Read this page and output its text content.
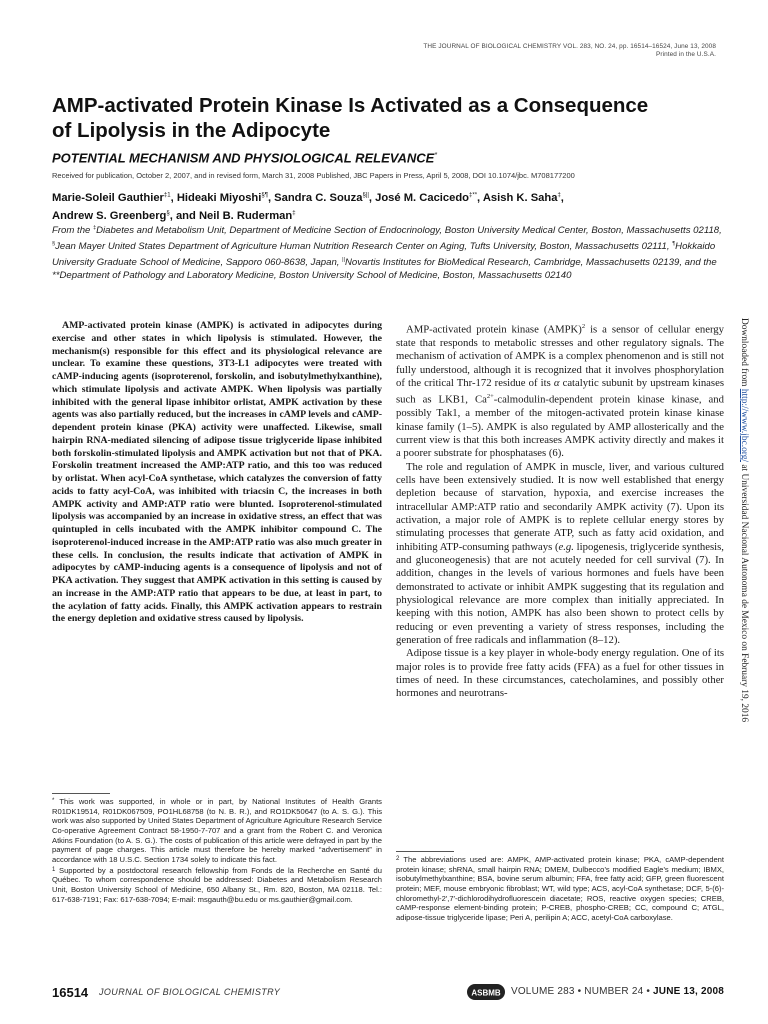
THE JOURNAL OF BIOLOGICAL CHEMISTRY VOL. 283, NO. 24, pp. 16514–16524, June 13, 2008
Printed in the U.S.A.
AMP-activated Protein Kinase Is Activated as a Consequence
of Lipolysis in the Adipocyte
POTENTIAL MECHANISM AND PHYSIOLOGICAL RELEVANCE*
Received for publication, October 2, 2007, and in revised form, March 31, 2008 Published, JBC Papers in Press, April 5, 2008, DOI 10.1074/jbc. M708177200
Marie-Soleil Gauthier$^{\ddagger 1}$, Hideaki Miyoshi§¶, Sandra C. Souza§||, José M. Cacicedo‡**, Asish K. Saha‡,
Andrew S. Greenberg§, and Neil B. Ruderman‡
From the ‡Diabetes and Metabolism Unit, Department of Medicine Section of Endocrinology, Boston University Medical Center, Boston, Massachusetts 02118, §Jean Mayer United States Department of Agriculture Human Nutrition Research Center on Aging, Tufts University, Boston, Massachusetts 02111, ¶Hokkaido University Graduate School of Medicine, Sapporo 060-8638, Japan, ||Novartis Institutes for BioMedical Research, Cambridge, Massachusetts 02139, and the **Department of Pathology and Laboratory Medicine, Boston University School of Medicine, Boston, Massachusetts 02140
AMP-activated protein kinase (AMPK) is activated in adipocytes during exercise and other states in which lipolysis is stimulated. However, the mechanism(s) responsible for this effect and its physiological relevance are unclear. To examine these questions, 3T3-L1 adipocytes were treated with cAMP-inducing agents (isoproterenol, forskolin, and isobutylmethylxanthine), which stimulate lipolysis and activate AMPK. When lipolysis was partially inhibited with the general lipase inhibitor orlistat, AMPK activation by these agents was also partially reduced, but the increases in cAMP levels and cAMP-dependent protein kinase (PKA) activity were unaffected. Likewise, small hairpin RNA-mediated silencing of adipose tissue triglyceride lipase inhibited both forskolin-stimulated lipolysis and AMPK activation but not that of PKA. Forskolin treatment increased the AMP:ATP ratio, and this too was reduced by orlistat. When acyl-CoA synthetase, which catalyzes the conversion of fatty acids to fatty acyl-CoA, was inhibited with triacsin C, the increases in both AMPK activity and AMP:ATP ratio were blunted. Isoproterenol-stimulated lipolysis was accompanied by an increase in oxidative stress, an effect that was quintupled in cells incubated with the AMPK inhibitor compound C. The isoproterenol-induced increase in the AMP:ATP ratio was also much greater in these cells. In conclusion, the results indicate that activation of AMPK in adipocytes by cAMP-inducing agents is a consequence of lipolysis and not of PKA activation. They suggest that AMPK activation in this setting is caused by an increase in the AMP:ATP ratio that appears to be due, at least in part, to the acylation of fatty acids. Finally, this AMPK activation appears to restrain the energy depletion and oxidative stress caused by lipolysis.

AMP-activated protein kinase (AMPK)$^2$ is a sensor of cellular energy state that responds to metabolic stresses and other regulatory signals. The mechanism of activation of AMPK is a complex phenomenon and is still not fully understood, although it is recognized that it involves phosphorylation of the critical Thr-172 residue of its α catalytic subunit by upstream kinases such as LKB1, $Ca^{2+}-calmodulin$-dependent protein kinase kinase, and possibly Tak1, a member of the mitogen-activated protein kinase kinase kinase family (1–5). AMPK is also regulated by AMP allosterically and the current view is that this both increases AMPK activity directly and makes it a poorer substrate for phosphatases (6).

The role and regulation of AMPK in muscle, liver, and various cultured cells have been extensively studied. It is now well established that energy depletion because of starvation, hypoxia, and exercise increases the intracellular AMP:ATP ratio and secondarily AMPK activity (7). Upon its activation, a major role of AMPK is to replete cellular energy stores by stimulating processes that generate ATP, such as fatty acid oxidation, and inhibiting ATP-consuming pathways (e.g. lipogenesis, triglyceride synthesis, and gluconeogenesis) that are not acutely needed for cell survival (7). In addition, changes in the levels of various hormones and fuels have been demonstrated to activate or inhibit AMPK suggesting that its regulation and physiological relevance are more complex than initially appreciated. In keeping with this notion, AMPK has also been shown to protect cells by reducing or even preventing a variety of stress responses, including the generation of free radicals and inflammation (8–12).

Adipose tissue is a key player in whole-body energy regulation. One of its major roles is to provide free fatty acids (FFA) as a fuel for other tissues in times of need. In these circumstances, catecholamines, and possibly other hormones and neurotrans-

* This work was supported, in whole or in part, by National Institutes of Health Grants R01DK19514, R01DK067509, PO1HL68758 (to N. B. R.), and RO1DK50647 (to A. S. G.). This work was also supported by United States Department of Agriculture Agriculture Research Service Co-operative Agreement Contract 58-1950-7-707 and a grant from the Robert C. and Veronica Atkins Foundation (to A. S. G.). The costs of publication of this article were defrayed in part by the payment of page charges. This article must therefore be hereby marked “advertisement” in accordance with 18 U.S.C. Section 1734 solely to indicate this fact.

$^1$ Supported by a postdoctoral research fellowship from Fonds de la Recherche en Santé du Québec. To whom correspondence should be addressed: Diabetes and Metabolism Research Unit, Boston University School of Medicine, 650 Albany St., Rm. 820, Boston, MA 02118. Tel.: 617-638-7191; Fax: 617-638-7094; E-mail: msgauth@bu.edu or ms.gauthier@gmail.com.

$^2$ The abbreviations used are: AMPK, AMP-activated protein kinase; PKA, cAMP-dependent protein kinase; shRNA, small hairpin RNA; DMEM, Dulbecco’s modified Eagle’s medium; IBMX, isobutylmethylxanthine; BSA, bovine serum albumin; FFA, free fatty acid; GFP, green fluorescent protein; MEF, mouse embryonic fibroblast; WT, wild type; ACS, acyl-CoA synthetase; DCF, 5-(6)-chloromethyl-2′,7′-dichlorodihydrofluorescein diacetate; ROS, reactive oxygen species; CREB, cAMP-response element-binding protein; P-CREB, phospho-CREB; CC, compound C; ATGL, adipose-tissue triglyceride lipase; Peri A, perilipin A; ACC, acetyl-CoA carboxylase.
Downloaded from http://www.jbc.org/ at Universidad Nacional Autonoma de Mexico on February 19, 2016
16514 JOURNAL OF BIOLOGICAL CHEMISTRY	ASBMB VOLUME 283 • NUMBER 24 • JUNE 13, 2008
